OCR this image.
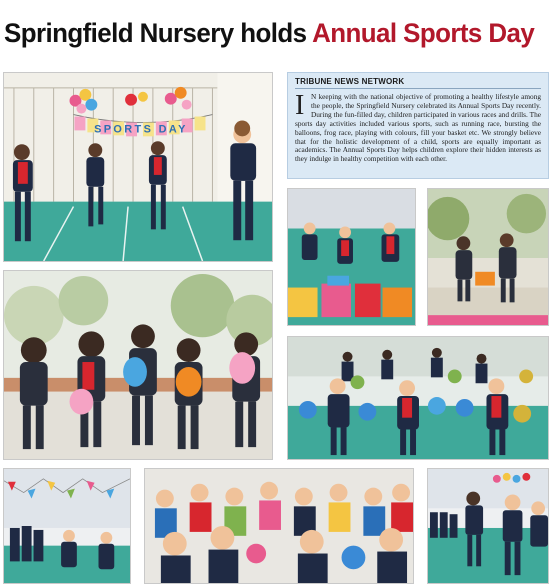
Springfield Nursery holds Annual Sports Day
SPORTS DAY
TRIBUNE NEWS NETWORK
I N keeping with the national objective of promoting a healthy lifestyle among the people, the Springfield Nursery celebrated its Annual Sports Day recently. During the fun-filled day, children participated in various races and drills. The sports day activities included various sports, such as running race, bursting the balloons, frog race, playing with colours, fill your basket etc. We strongly believe that for the holistic development of a child, sports are equally important as academics. The Annual Sports Day helps children explore their hidden interests as they indulge in healthy competition with each other.
